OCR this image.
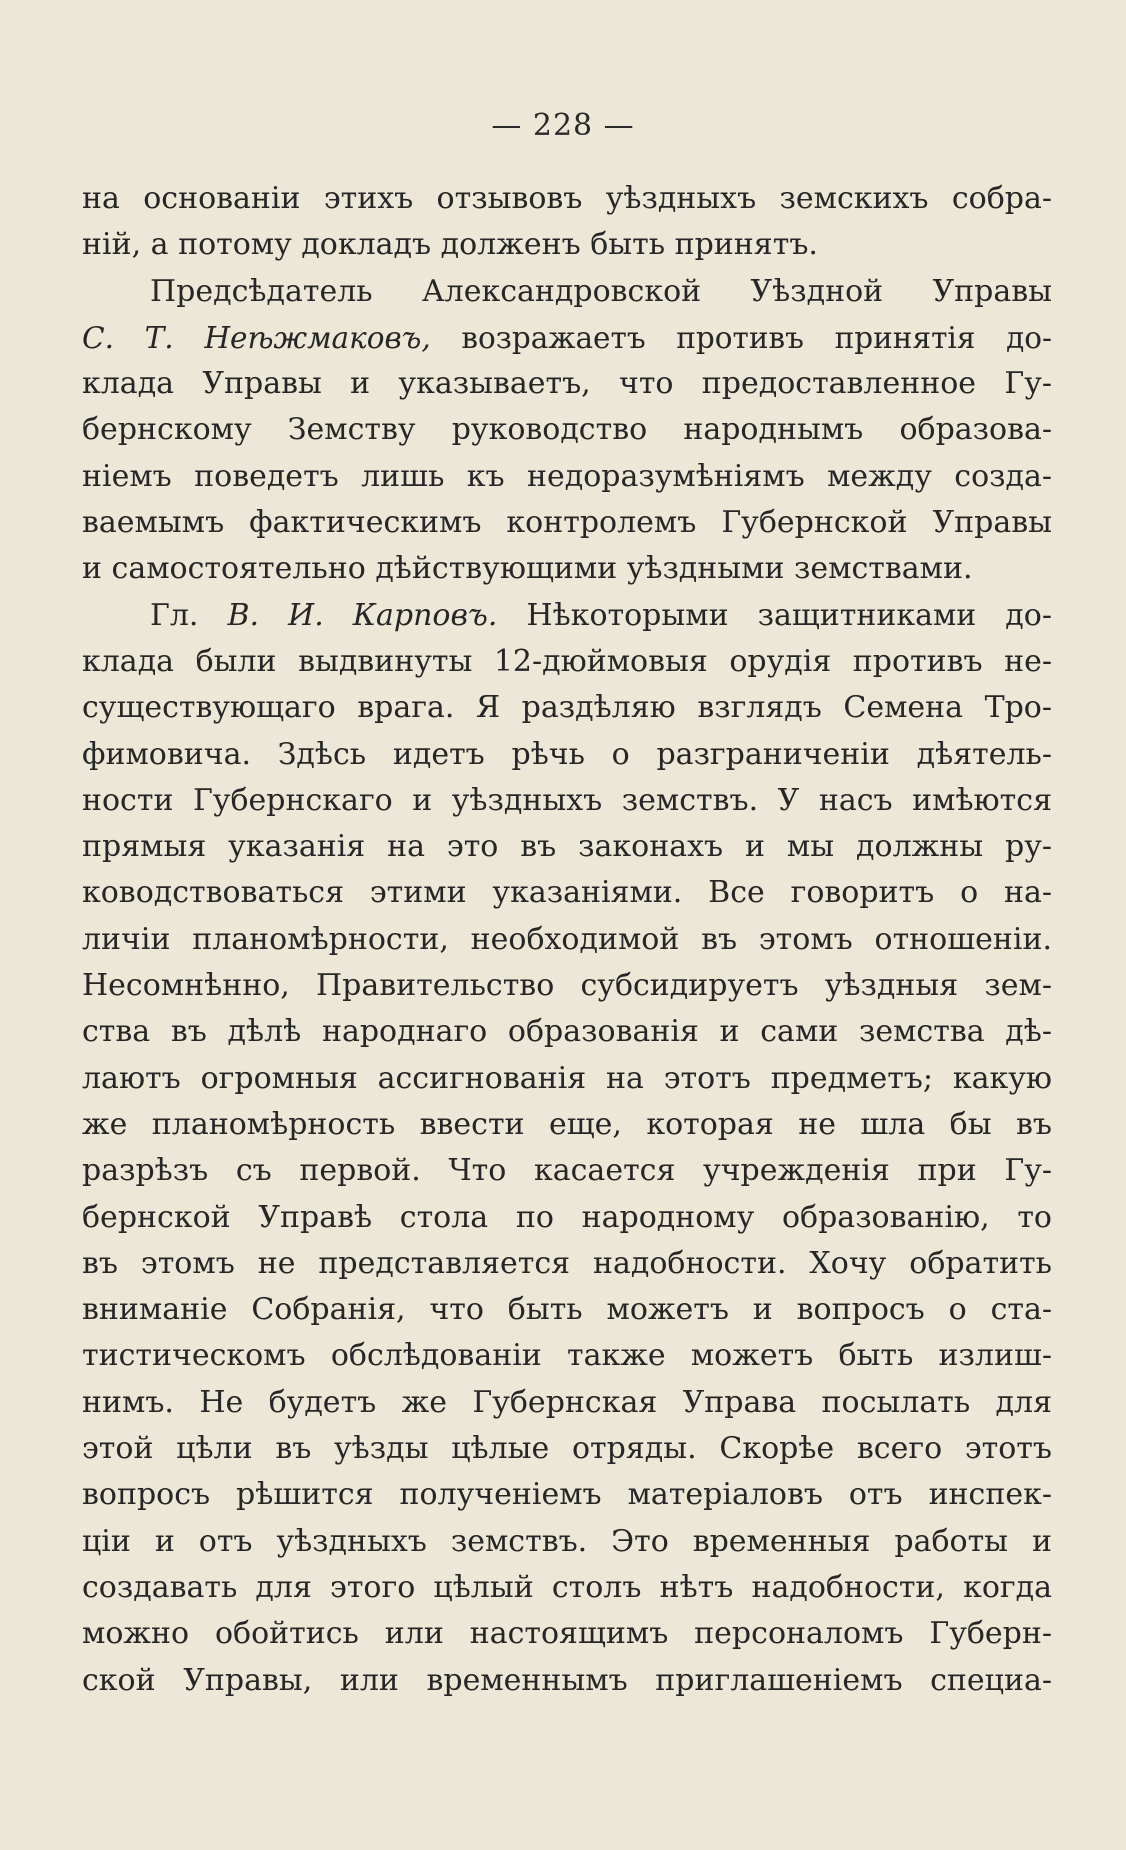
— 228 —
на основаніи этихъ отзывовъ уѣздныхъ земскихъ собра-
ній, а потому докладъ долженъ быть принятъ.
Предсѣдатель Александровской Уѣздной Управы
С. Т. Неѣжмаковъ, возражаетъ противъ принятія до-
клада Управы и указываетъ, что предоставленное Гу-
бернскому Земству руководство народнымъ образова-
ніемъ поведетъ лишь къ недоразумѣніямъ между созда-
ваемымъ фактическимъ контролемъ Губернской Управы
и самостоятельно дѣйствующими уѣздными земствами.
Гл. В. И. Карповъ. Нѣкоторыми защитниками до-
клада были выдвинуты 12-дюймовыя орудія противъ не-
существующаго врага. Я раздѣляю взглядъ Семена Тро-
фимовича. Здѣсь идетъ рѣчь о разграниченіи дѣятель-
ности Губернскаго и уѣздныхъ земствъ. У насъ имѣются
прямыя указанія на это въ законахъ и мы должны ру-
ководствоваться этими указаніями. Все говоритъ о на-
личіи планомѣрности, необходимой въ этомъ отношеніи.
Несомнѣнно, Правительство субсидируетъ уѣздныя зем-
ства въ дѣлѣ народнаго образованія и сами земства дѣ-
лаютъ огромныя ассигнованія на этотъ предметъ; какую
же планомѣрность ввести еще, которая не шла бы въ
разрѣзъ съ первой. Что касается учрежденія при Гу-
бернской Управѣ стола по народному образованію, то
въ этомъ не представляется надобности. Хочу обратить
вниманіе Собранія, что быть можетъ и вопросъ о ста-
тистическомъ обслѣдованіи также можетъ быть излиш-
нимъ. Не будетъ же Губернская Управа посылать для
этой цѣли въ уѣзды цѣлые отряды. Скорѣе всего этотъ
вопросъ рѣшится полученіемъ матеріаловъ отъ инспек-
ціи и отъ уѣздныхъ земствъ. Это временныя работы и
создавать для этого цѣлый столъ нѣтъ надобности, когда
можно обойтись или настоящимъ персоналомъ Губерн-
ской Управы, или временнымъ приглашеніемъ специа-
